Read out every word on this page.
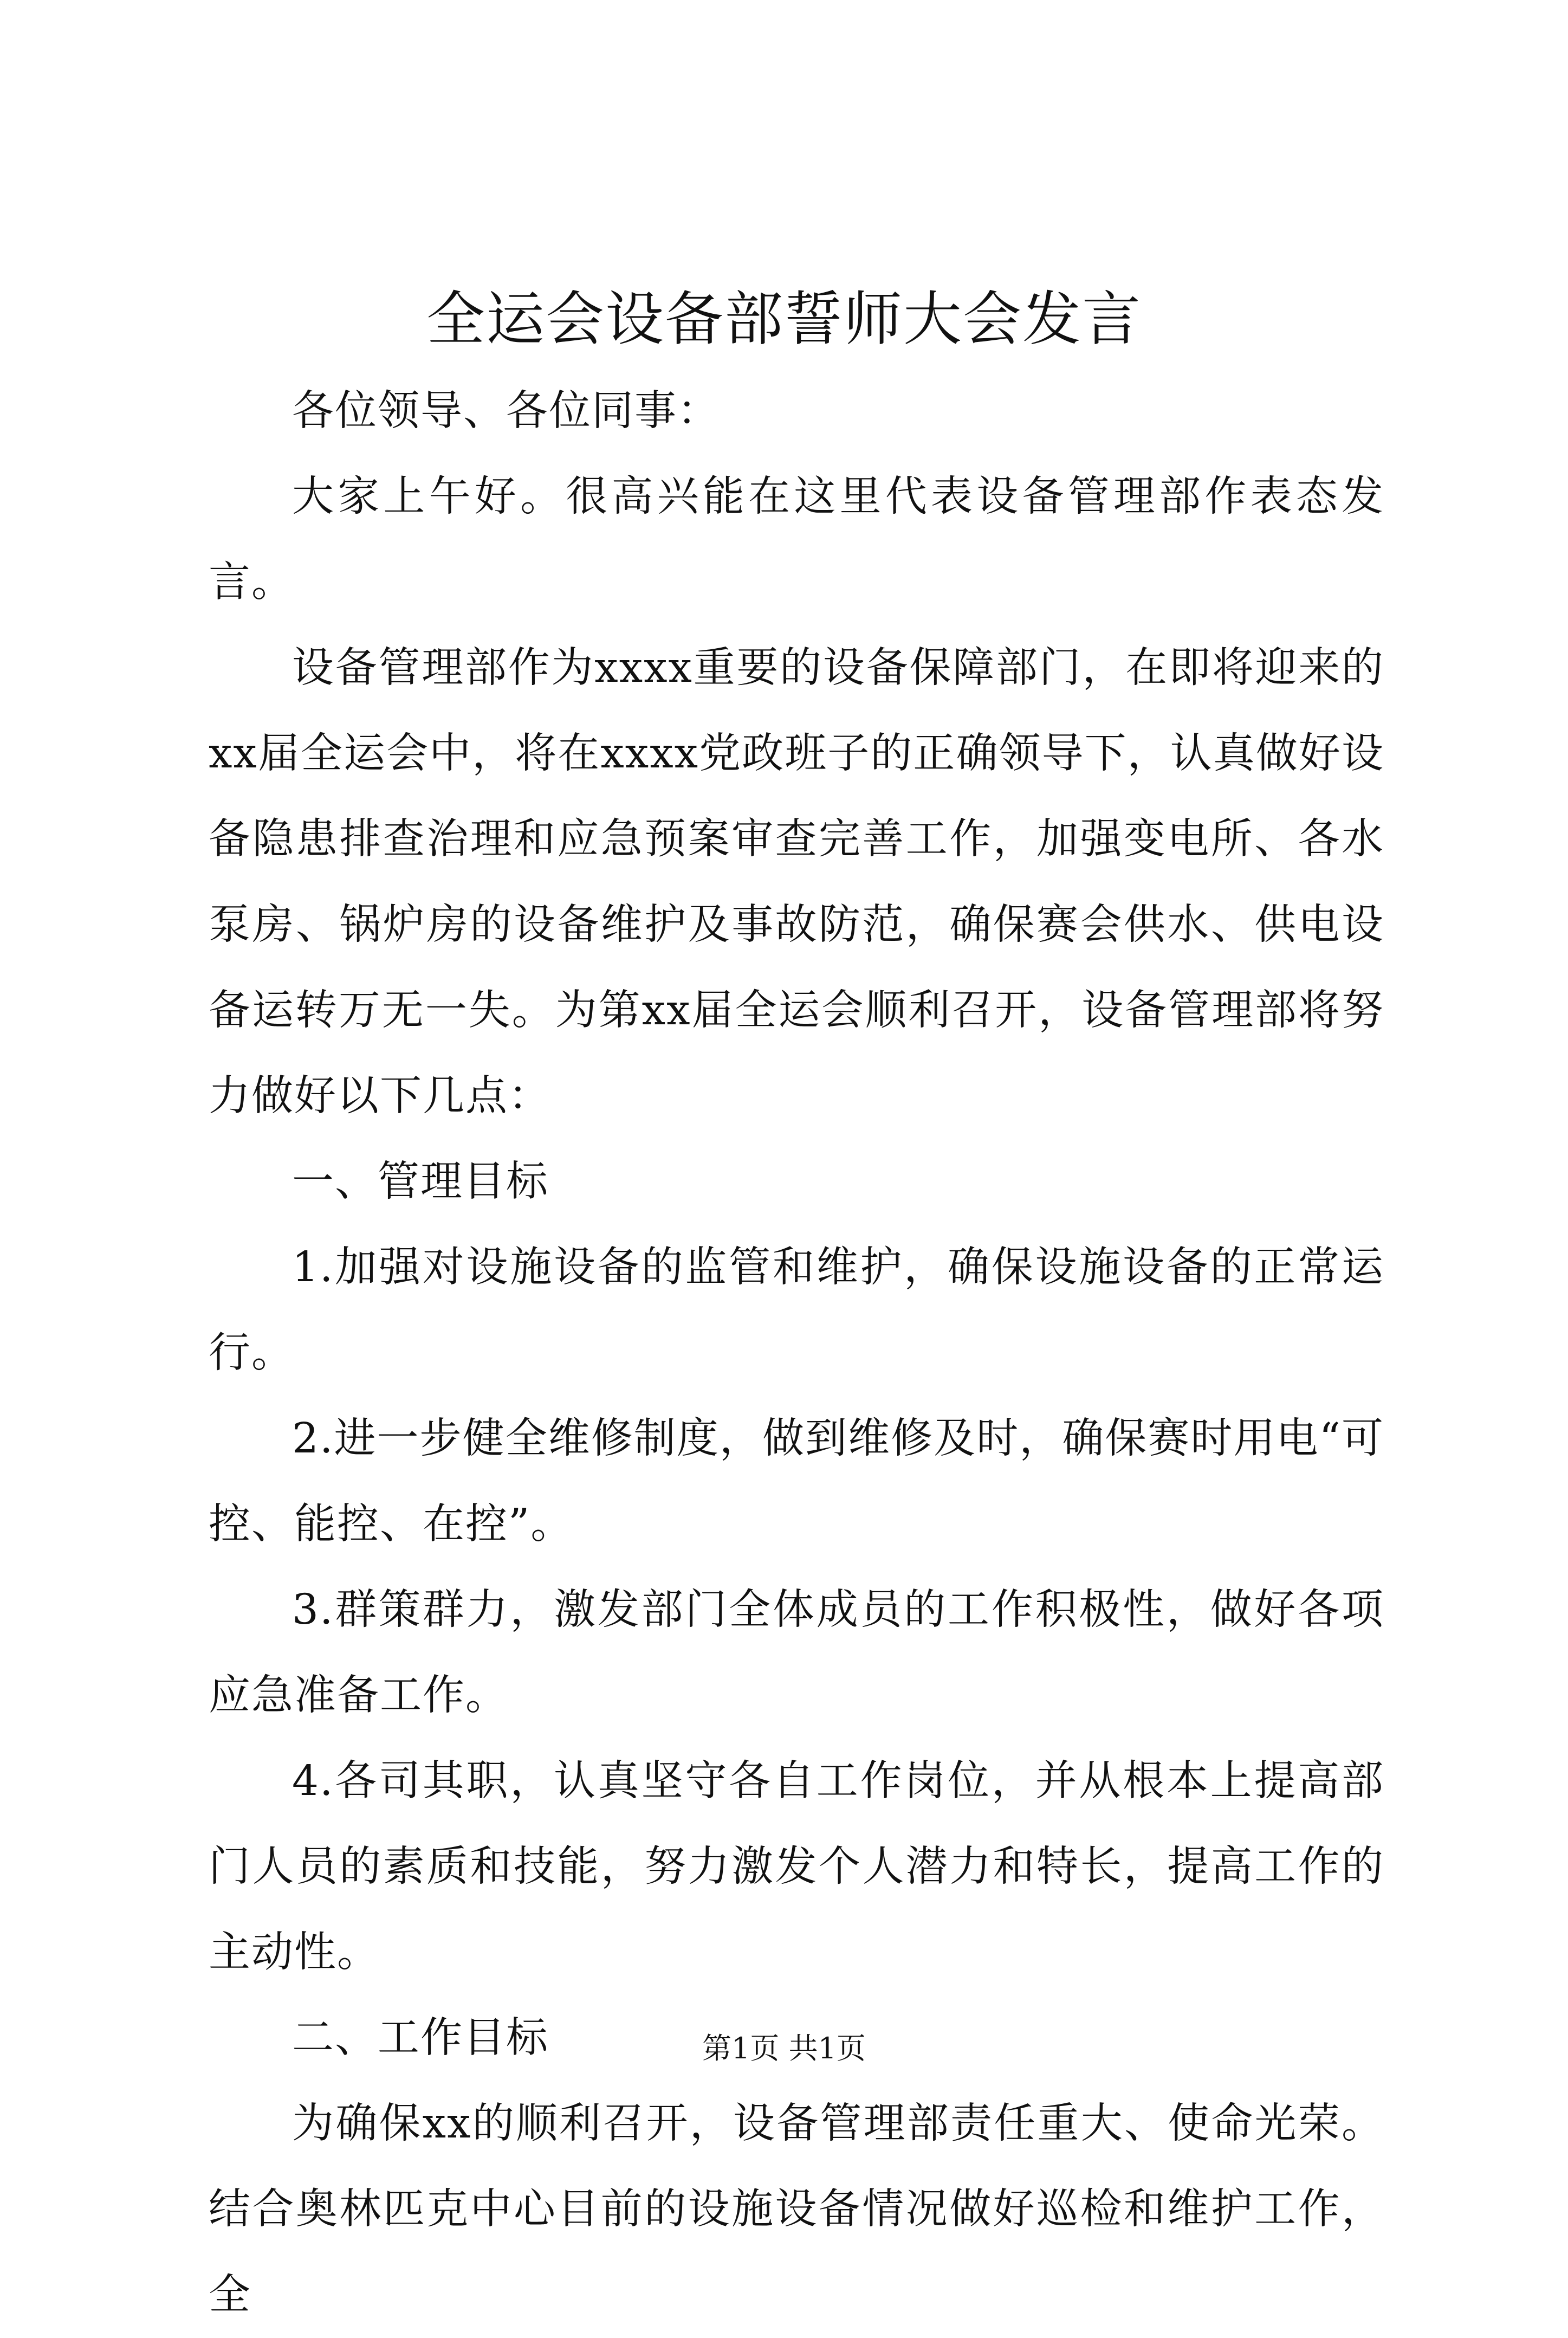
全运会设备部誓师大会发言

各位领导、各位同事：

大家上午好。很高兴能在这里代表设备管理部作表态发言。

设备管理部作为xxxx重要的设备保障部门，在即将迎来的xx届全运会中，将在xxxx党政班子的正确领导下，认真做好设备隐患排查治理和应急预案审查完善工作，加强变电所、各水泵房、锅炉房的设备维护及事故防范，确保赛会供水、供电设备运转万无一失。为第xx届全运会顺利召开，设备管理部将努力做好以下几点：

一、管理目标

1.加强对设施设备的监管和维护，确保设施设备的正常运行。

2.进一步健全维修制度，做到维修及时，确保赛时用电“可控、能控、在控”。

3.群策群力，激发部门全体成员的工作积极性，做好各项应急准备工作。

4.各司其职，认真坚守各自工作岗位，并从根本上提高部门人员的素质和技能，努力激发个人潜力和特长，提高工作的主动性。

二、工作目标

为确保xx的顺利召开，设备管理部责任重大、使命光荣。结合奥林匹克中心目前的设施设备情况做好巡检和维护工作，全

第1页 共1页
